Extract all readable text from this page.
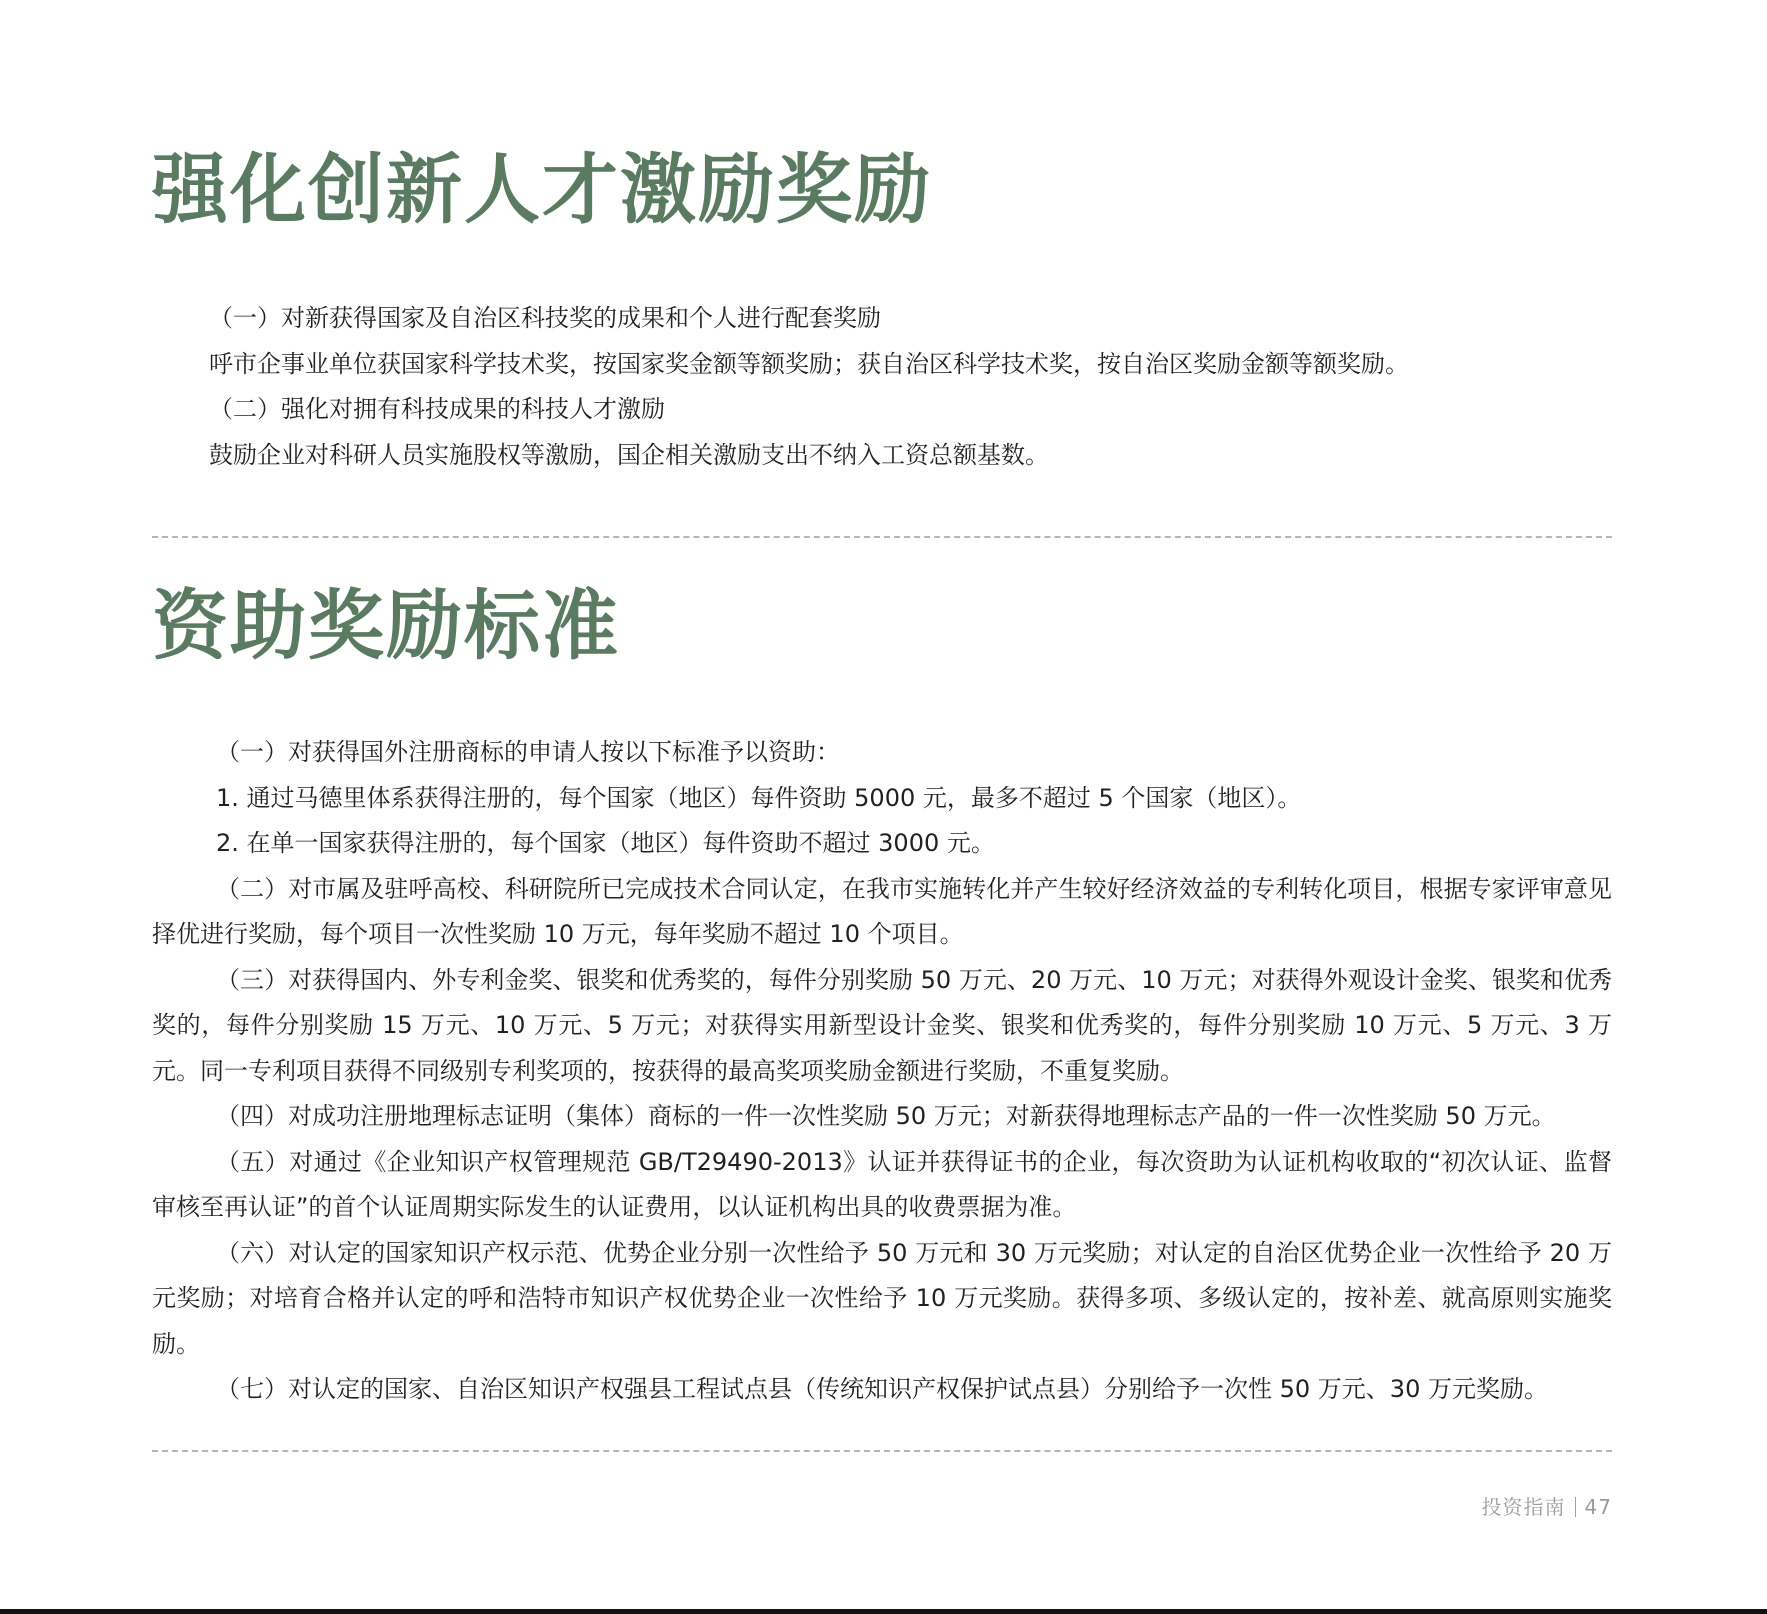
强化创新人才激励奖励

（一）对新获得国家及自治区科技奖的成果和个人进行配套奖励

呼市企事业单位获国家科学技术奖，按国家奖金额等额奖励；获自治区科学技术奖，按自治区奖励金额等额奖励。

（二）强化对拥有科技成果的科技人才激励

鼓励企业对科研人员实施股权等激励，国企相关激励支出不纳入工资总额基数。

资助奖励标准

（一）对获得国外注册商标的申请人按以下标准予以资助：

1. 通过马德里体系获得注册的，每个国家（地区）每件资助 5000 元，最多不超过 5 个国家（地区）。

2. 在单一国家获得注册的，每个国家（地区）每件资助不超过 3000 元。

（二）对市属及驻呼高校、科研院所已完成技术合同认定，在我市实施转化并产生较好经济效益的专利转化项目，根据专家评审意见择优进行奖励，每个项目一次性奖励 10 万元，每年奖励不超过 10 个项目。

（三）对获得国内、外专利金奖、银奖和优秀奖的，每件分别奖励 50 万元、20 万元、10 万元；对获得外观设计金奖、银奖和优秀奖的，每件分别奖励 15 万元、10 万元、5 万元；对获得实用新型设计金奖、银奖和优秀奖的，每件分别奖励 10 万元、5 万元、3 万元。同一专利项目获得不同级别专利奖项的，按获得的最高奖项奖励金额进行奖励，不重复奖励。

（四）对成功注册地理标志证明（集体）商标的一件一次性奖励 50 万元；对新获得地理标志产品的一件一次性奖励 50 万元。

（五）对通过《企业知识产权管理规范 GB/T29490-2013》认证并获得证书的企业，每次资助为认证机构收取的“初次认证、监督审核至再认证”的首个认证周期实际发生的认证费用，以认证机构出具的收费票据为准。

（六）对认定的国家知识产权示范、优势企业分别一次性给予 50 万元和 30 万元奖励；对认定的自治区优势企业一次性给予 20 万元奖励；对培育合格并认定的呼和浩特市知识产权优势企业一次性给予 10 万元奖励。获得多项、多级认定的，按补差、就高原则实施奖励。

（七）对认定的国家、自治区知识产权强县工程试点县（传统知识产权保护试点县）分别给予一次性 50 万元、30 万元奖励。

投资指南 47
